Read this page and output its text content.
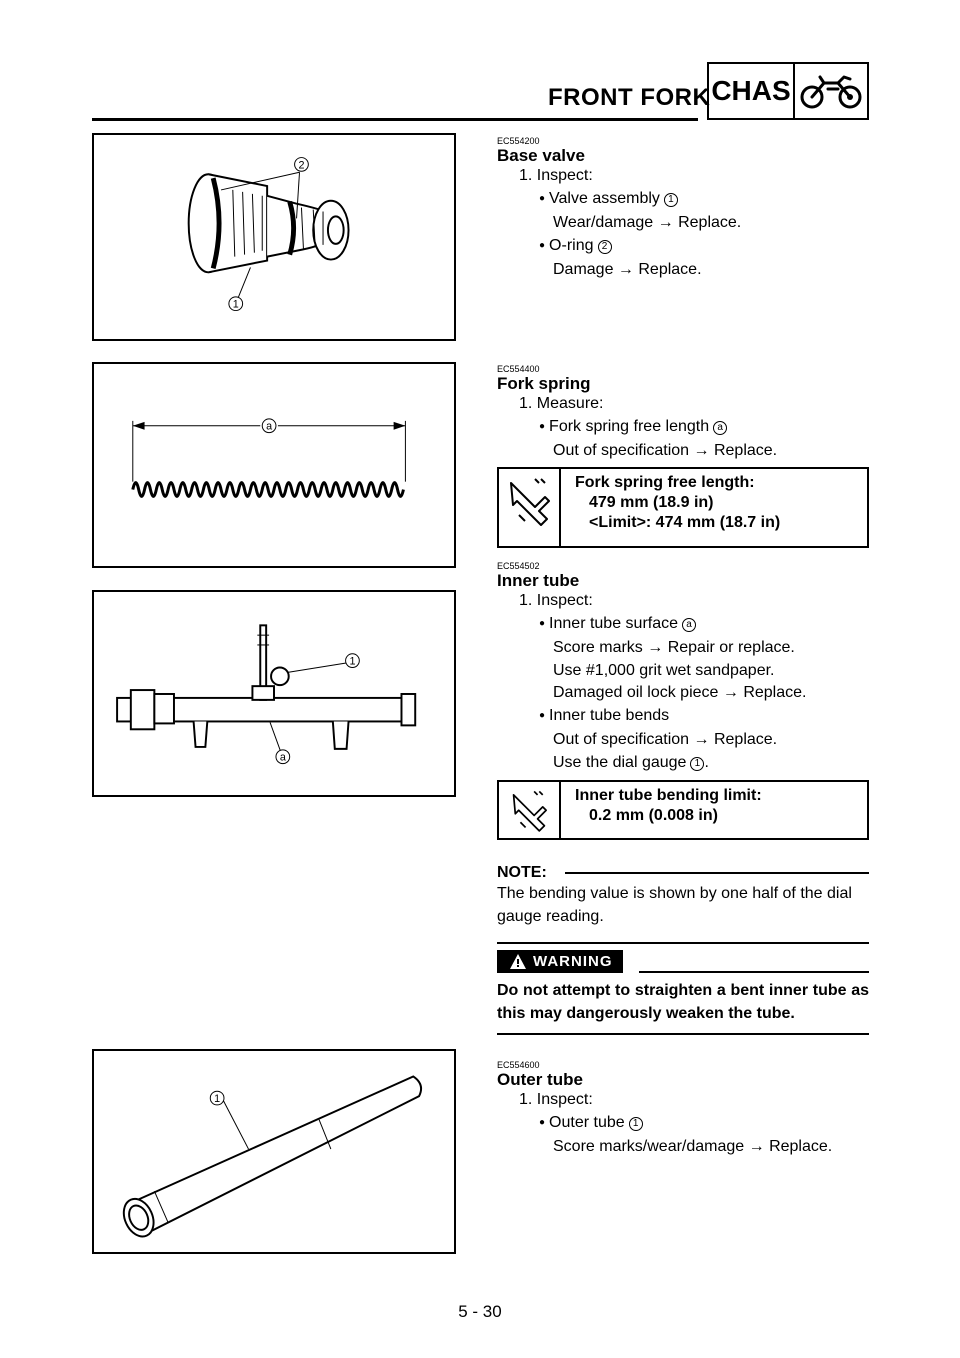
FRONT FORK CHAS
2
1
a
1
a
1
EC554200
Base valve
1. Inspect:
● Valve assembly 1
Wear/damage → Replace.
● O-ring 2
Damage → Replace.
EC554400
Fork spring
1. Measure:
● Fork spring free length a
Out of specification → Replace.
Fork spring free length:
479 mm (18.9 in)
<Limit>: 474 mm (18.7 in)
EC554502
Inner tube
1. Inspect:
● Inner tube surface a
Score marks → Repair or replace.
Use #1,000 grit wet sandpaper.
Damaged oil lock piece → Replace.
● Inner tube bends
Out of specification → Replace.
Use the dial gauge 1 .
Inner tube bending limit:
0.2 mm (0.008 in)
NOTE:
The bending value is shown by one half of the dial gauge reading.
WARNING
Do not attempt to straighten a bent inner tube as this may dangerously weaken the tube.
EC554600
Outer tube
1. Inspect:
● Outer tube 1
Score marks/wear/damage → Replace.
5 - 30
